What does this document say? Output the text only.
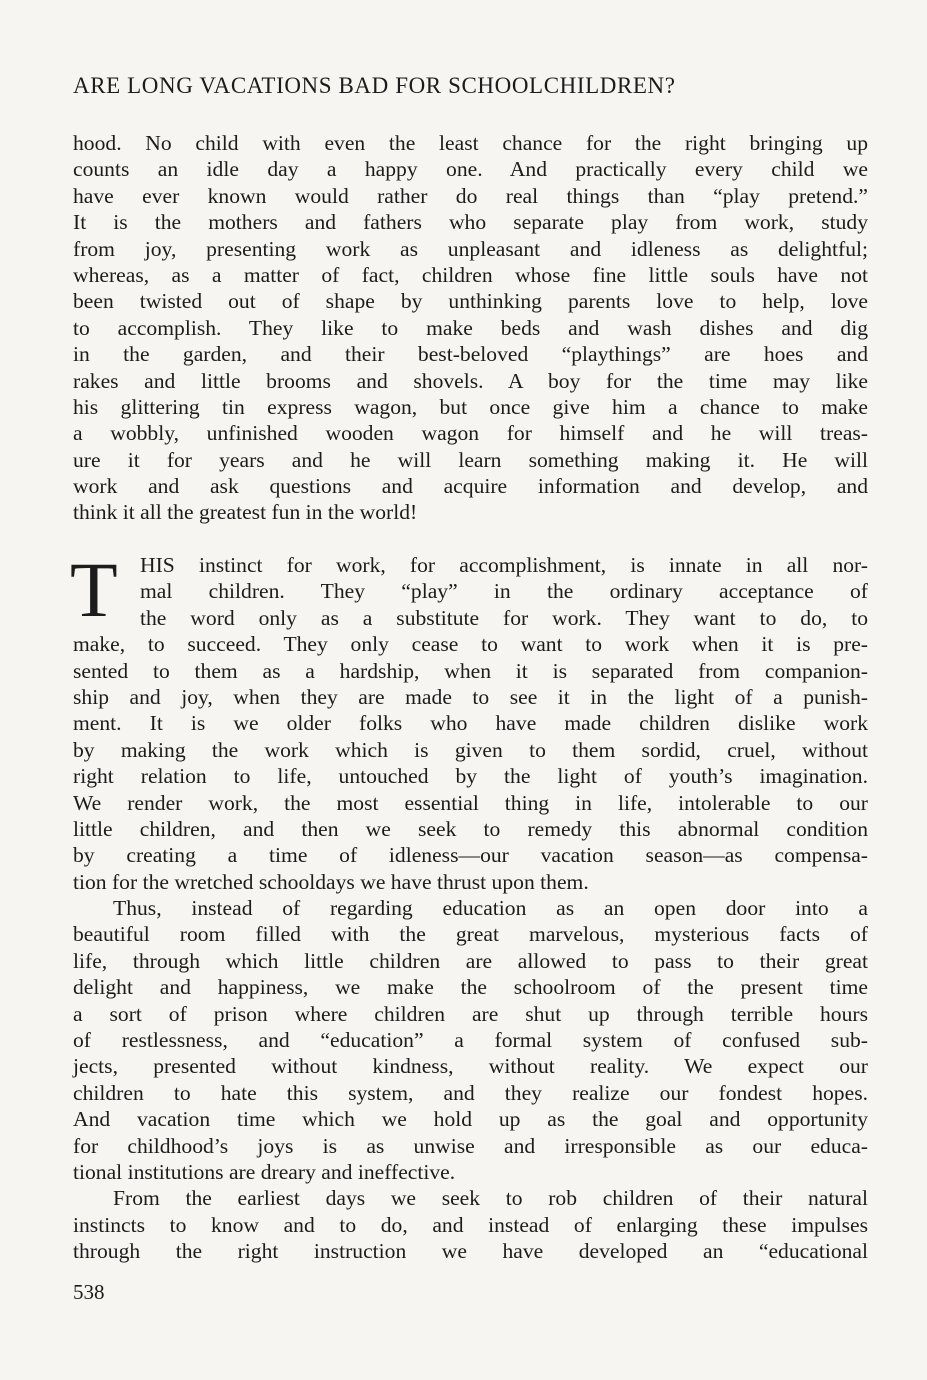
ARE LONG VACATIONS BAD FOR SCHOOLCHILDREN?
hood. No child with even the least chance for the right bringing up
counts an idle day a happy one. And practically every child we
have ever known would rather do real things than “play pretend.”
It is the mothers and fathers who separate play from work, study
from joy, presenting work as unpleasant and idleness as delightful;
whereas, as a matter of fact, children whose fine little souls have not
been twisted out of shape by unthinking parents love to help, love
to accomplish. They like to make beds and wash dishes and dig
in the garden, and their best-beloved “playthings” are hoes and
rakes and little brooms and shovels. A boy for the time may like
his glittering tin express wagon, but once give him a chance to make
a wobbly, unfinished wooden wagon for himself and he will treas-
ure it for years and he will learn something making it. He will
work and ask questions and acquire information and develop, and
think it all the greatest fun in the world!
T	HIS instinct for work, for accomplishment, is innate in all nor-
mal children. They “play” in the ordinary acceptance of
the word only as a substitute for work. They want to do, to
make, to succeed. They only cease to want to work when it is pre-
sented to them as a hardship, when it is separated from companion-
ship and joy, when they are made to see it in the light of a punish-
ment. It is we older folks who have made children dislike work
by making the work which is given to them sordid, cruel, without
right relation to life, untouched by the light of youth’s imagination.
We render work, the most essential thing in life, intolerable to our
little children, and then we seek to remedy this abnormal condition
by creating a time of idleness—our vacation season—as compensa-
tion for the wretched schooldays we have thrust upon them.
Thus, instead of regarding education as an open door into a
beautiful room filled with the great marvelous, mysterious facts of
life, through which little children are allowed to pass to their great
delight and happiness, we make the schoolroom of the present time
a sort of prison where children are shut up through terrible hours
of restlessness, and “education” a formal system of confused sub-
jects, presented without kindness, without reality. We expect our
children to hate this system, and they realize our fondest hopes.
And vacation time which we hold up as the goal and opportunity
for childhood’s joys is as unwise and irresponsible as our educa-
tional institutions are dreary and ineffective.
From the earliest days we seek to rob children of their natural
instincts to know and to do, and instead of enlarging these impulses
through the right instruction we have developed an “educational
538
